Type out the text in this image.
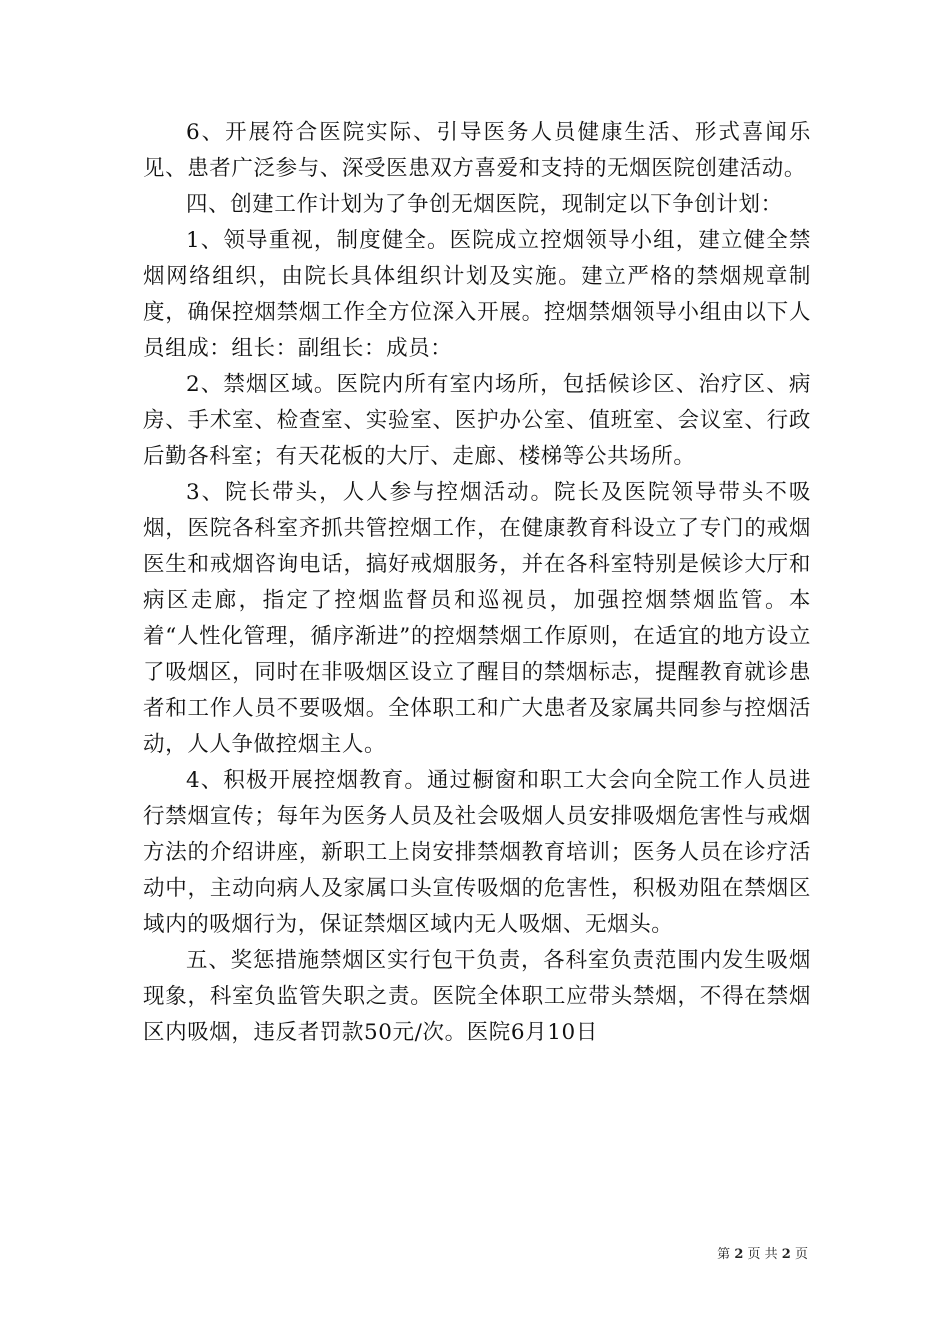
6、开展符合医院实际、引导医务人员健康生活、形式喜闻乐见、患者广泛参与、深受医患双方喜爱和支持的无烟医院创建活动。

四、创建工作计划为了争创无烟医院，现制定以下争创计划：

1、领导重视，制度健全。医院成立控烟领导小组，建立健全禁烟网络组织，由院长具体组织计划及实施。建立严格的禁烟规章制度，确保控烟禁烟工作全方位深入开展。控烟禁烟领导小组由以下人员组成：组长：副组长：成员：

2、禁烟区域。医院内所有室内场所，包括候诊区、治疗区、病房、手术室、检查室、实验室、医护办公室、值班室、会议室、行政后勤各科室；有天花板的大厅、走廊、楼梯等公共场所。

3、院长带头，人人参与控烟活动。院长及医院领导带头不吸烟，医院各科室齐抓共管控烟工作，在健康教育科设立了专门的戒烟医生和戒烟咨询电话，搞好戒烟服务，并在各科室特别是候诊大厅和病区走廊，指定了控烟监督员和巡视员，加强控烟禁烟监管。本着“人性化管理，循序渐进”的控烟禁烟工作原则，在适宜的地方设立了吸烟区，同时在非吸烟区设立了醒目的禁烟标志，提醒教育就诊患者和工作人员不要吸烟。全体职工和广大患者及家属共同参与控烟活动，人人争做控烟主人。

4、积极开展控烟教育。通过橱窗和职工大会向全院工作人员进行禁烟宣传；每年为医务人员及社会吸烟人员安排吸烟危害性与戒烟方法的介绍讲座，新职工上岗安排禁烟教育培训；医务人员在诊疗活动中，主动向病人及家属口头宣传吸烟的危害性，积极劝阻在禁烟区域内的吸烟行为，保证禁烟区域内无人吸烟、无烟头。

五、奖惩措施禁烟区实行包干负责，各科室负责范围内发生吸烟现象，科室负监管失职之责。医院全体职工应带头禁烟，不得在禁烟区内吸烟，违反者罚款50元/次。医院6月10日

第 2 页 共 2 页
